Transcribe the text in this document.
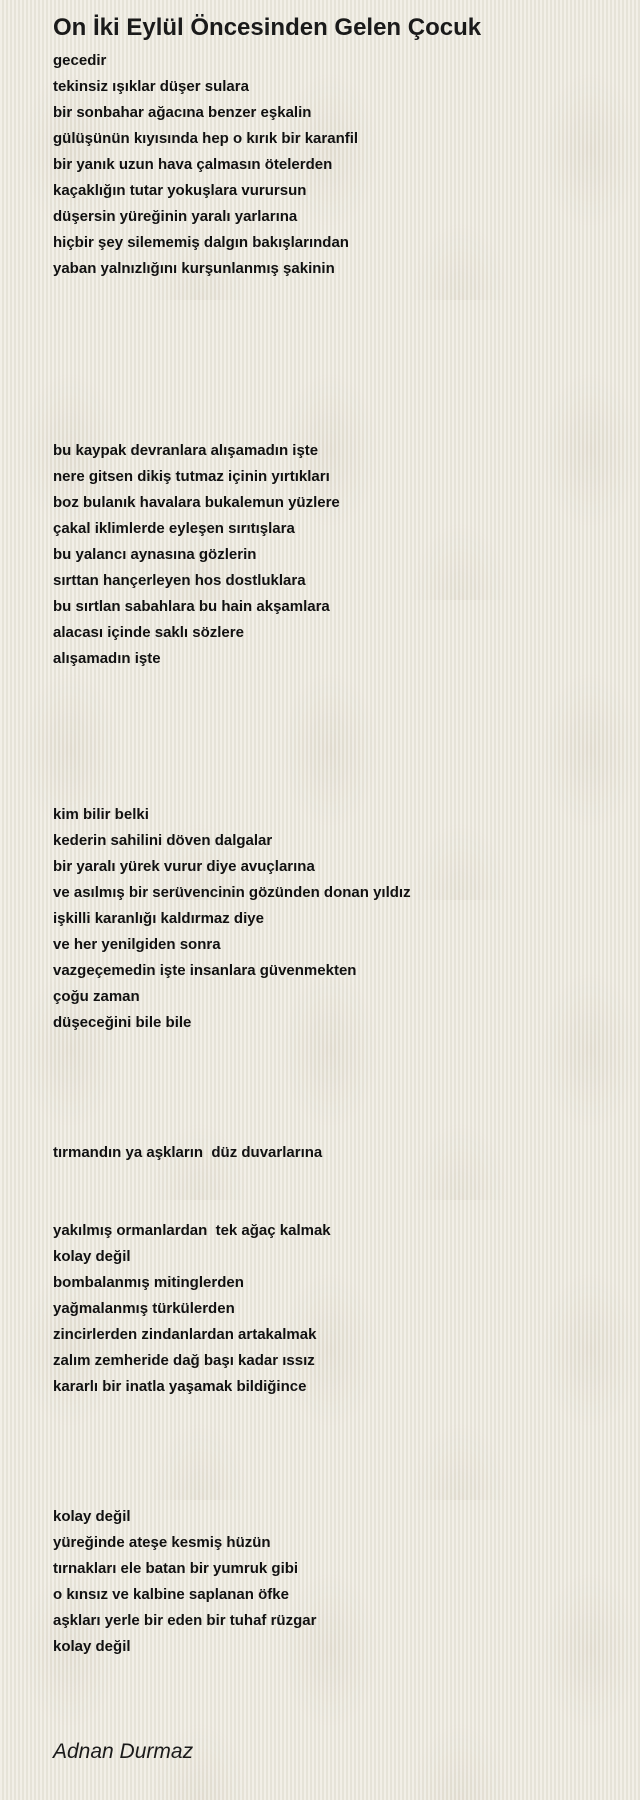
On İki Eylül Öncesinden Gelen Çocuk
gecedir
tekinsiz ışıklar düşer sulara
bir sonbahar ağacına benzer eşkalin
gülüşünün kıyısında hep o kırık bir karanfil
bir yanık uzun hava çalmasın ötelerden
kaçaklığın tutar yokuşlara vurursun
düşersin yüreğinin yaralı yarlarına
hiçbir şey silememiş dalgın bakışlarından
yaban yalnızlığını kurşunlanmış şakinin
bu kaypak devranlara alışamadın işte
nere gitsen dikiş tutmaz içinin yırtıkları
boz bulanık havalara bukalemun yüzlere
çakal iklimlerde eyleşen sırıtışlara
bu yalancı aynasına gözlerin
sırttan hançerleyen hos dostluklara
bu sırtlan sabahlara bu hain akşamlara
alacası içinde saklı sözlere
alışamadın işte
kim bilir belki
kederin sahilini döven dalgalar
bir yaralı yürek vurur diye avuçlarına
ve asılmış bir serüvencinin gözünden donan yıldız
işkilli karanlığı kaldırmaz diye
ve her yenilgiden sonra
vazgeçemedin işte insanlara güvenmekten
çoğu zaman
düşeceğini bile bile
tırmandın ya aşkların  düz duvarlarına
yakılmış ormanlardan  tek ağaç kalmak
kolay değil
bombalanmış mitinglerden
yağmalanmış türkülerden
zincirlerden zindanlardan artakalmak
zalım zemheride dağ başı kadar ıssız
kararlı bir inatla yaşamak bildiğince
kolay değil
yüreğinde ateşe kesmiş hüzün
tırnakları ele batan bir yumruk gibi
o kınsız ve kalbine saplanan öfke
aşkları yerle bir eden bir tuhaf rüzgar
kolay değil
Adnan Durmaz
